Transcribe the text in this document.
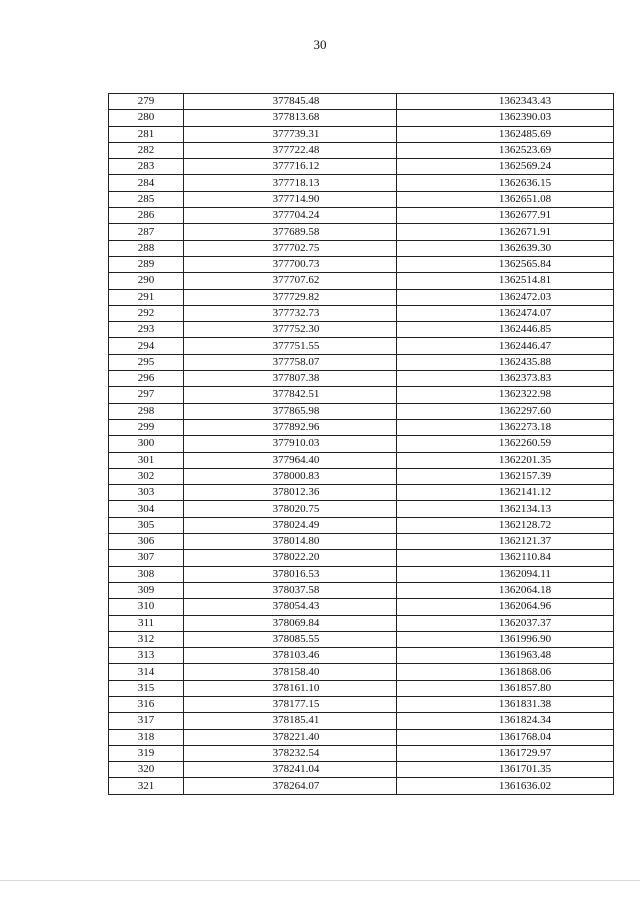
30
279	377845.48	1362343.43
280	377813.68	1362390.03
281	377739.31	1362485.69
282	377722.48	1362523.69
283	377716.12	1362569.24
284	377718.13	1362636.15
285	377714.90	1362651.08
286	377704.24	1362677.91
287	377689.58	1362671.91
288	377702.75	1362639.30
289	377700.73	1362565.84
290	377707.62	1362514.81
291	377729.82	1362472.03
292	377732.73	1362474.07
293	377752.30	1362446.85
294	377751.55	1362446.47
295	377758.07	1362435.88
296	377807.38	1362373.83
297	377842.51	1362322.98
298	377865.98	1362297.60
299	377892.96	1362273.18
300	377910.03	1362260.59
301	377964.40	1362201.35
302	378000.83	1362157.39
303	378012.36	1362141.12
304	378020.75	1362134.13
305	378024.49	1362128.72
306	378014.80	1362121.37
307	378022.20	1362110.84
308	378016.53	1362094.11
309	378037.58	1362064.18
310	378054.43	1362064.96
311	378069.84	1362037.37
312	378085.55	1361996.90
313	378103.46	1361963.48
314	378158.40	1361868.06
315	378161.10	1361857.80
316	378177.15	1361831.38
317	378185.41	1361824.34
318	378221.40	1361768.04
319	378232.54	1361729.97
320	378241.04	1361701.35
321	378264.07	1361636.02
